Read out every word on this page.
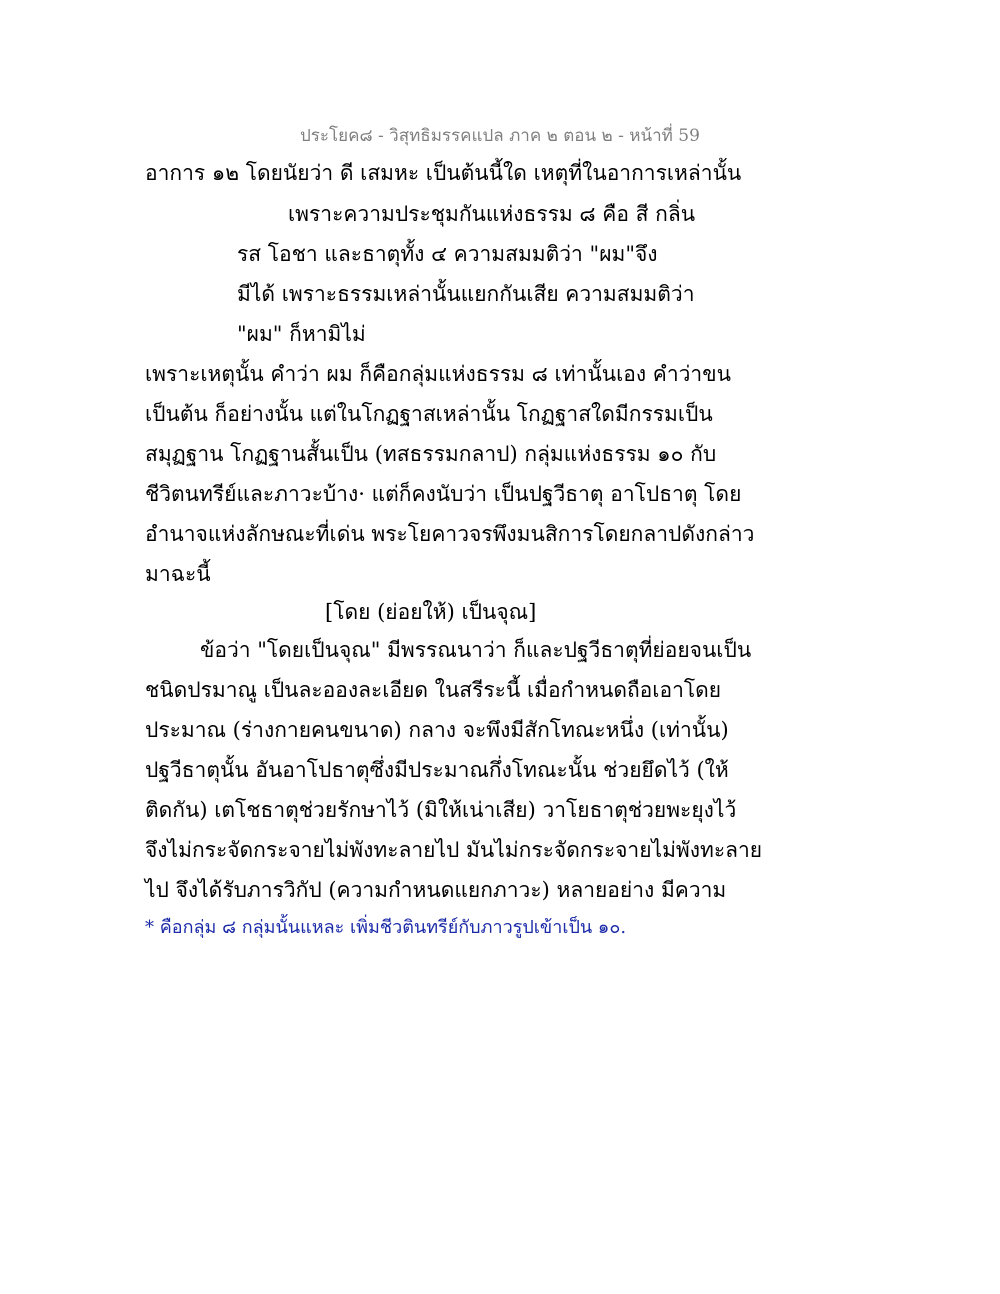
ประโยค๘ - วิสุทธิมรรคแปล ภาค ๒ ตอน ๒ - หน้าที่ 59
อาการ ๑๒ โดยนัยว่า ดี เสมหะ เป็นต้นนี้ใด เหตุที่ในอาการเหล่านั้น
เพราะความประชุมกันแห่งธรรม ๘ คือ สี กลิ่น
รส โอชา และธาตุทั้ง ๔ ความสมมติว่า "ผม"จึง
มีได้ เพราะธรรมเหล่านั้นแยกกันเสีย ความสมมติว่า
"ผม" ก็หามิไม่
เพราะเหตุนั้น คำว่า ผม ก็คือกลุ่มแห่งธรรม ๘ เท่านั้นเอง คำว่าขน
เป็นต้น ก็อย่างนั้น แต่ในโกฏฐาสเหล่านั้น โกฏฐาสใดมีกรรมเป็น
สมุฏฐาน โกฏฐานสั้นเป็น (ทสธรรมกลาป) กลุ่มแห่งธรรม ๑๐ กับ
ชีวิตนทรีย์และภาวะบ้าง· แต่ก็คงนับว่า เป็นปฐวีธาตุ อาโปธาตุ โดย
อำนาจแห่งลักษณะที่เด่น พระโยคาวจรพึงมนสิการโดยกลาปดังกล่าว
มาฉะนี้
[โดย (ย่อยให้) เป็นจุณ]
ข้อว่า "โดยเป็นจุณ" มีพรรณนาว่า ก็และปฐวีธาตุที่ย่อยจนเป็น
ชนิดปรมาณู เป็นละอองละเอียด ในสรีระนี้ เมื่อกำหนดถือเอาโดย
ประมาณ (ร่างกายคนขนาด) กลาง จะพึงมีสักโทณะหนึ่ง (เท่านั้น)
ปฐวีธาตุนั้น อันอาโปธาตุซึ่งมีประมาณกึ่งโทณะนั้น ช่วยยึดไว้ (ให้
ติดกัน) เตโชธาตุช่วยรักษาไว้ (มิให้เน่าเสีย) วาโยธาตุช่วยพะยุงไว้
จึงไม่กระจัดกระจายไม่พังทะลายไป มันไม่กระจัดกระจายไม่พังทะลาย
ไป จึงได้รับภารวิกัป (ความกำหนดแยกภาวะ) หลายอย่าง มีความ
* คือกลุ่ม ๘ กลุ่มนั้นแหละ เพิ่มชีวตินทรีย์กับภาวรูปเข้าเป็น ๑๐.
